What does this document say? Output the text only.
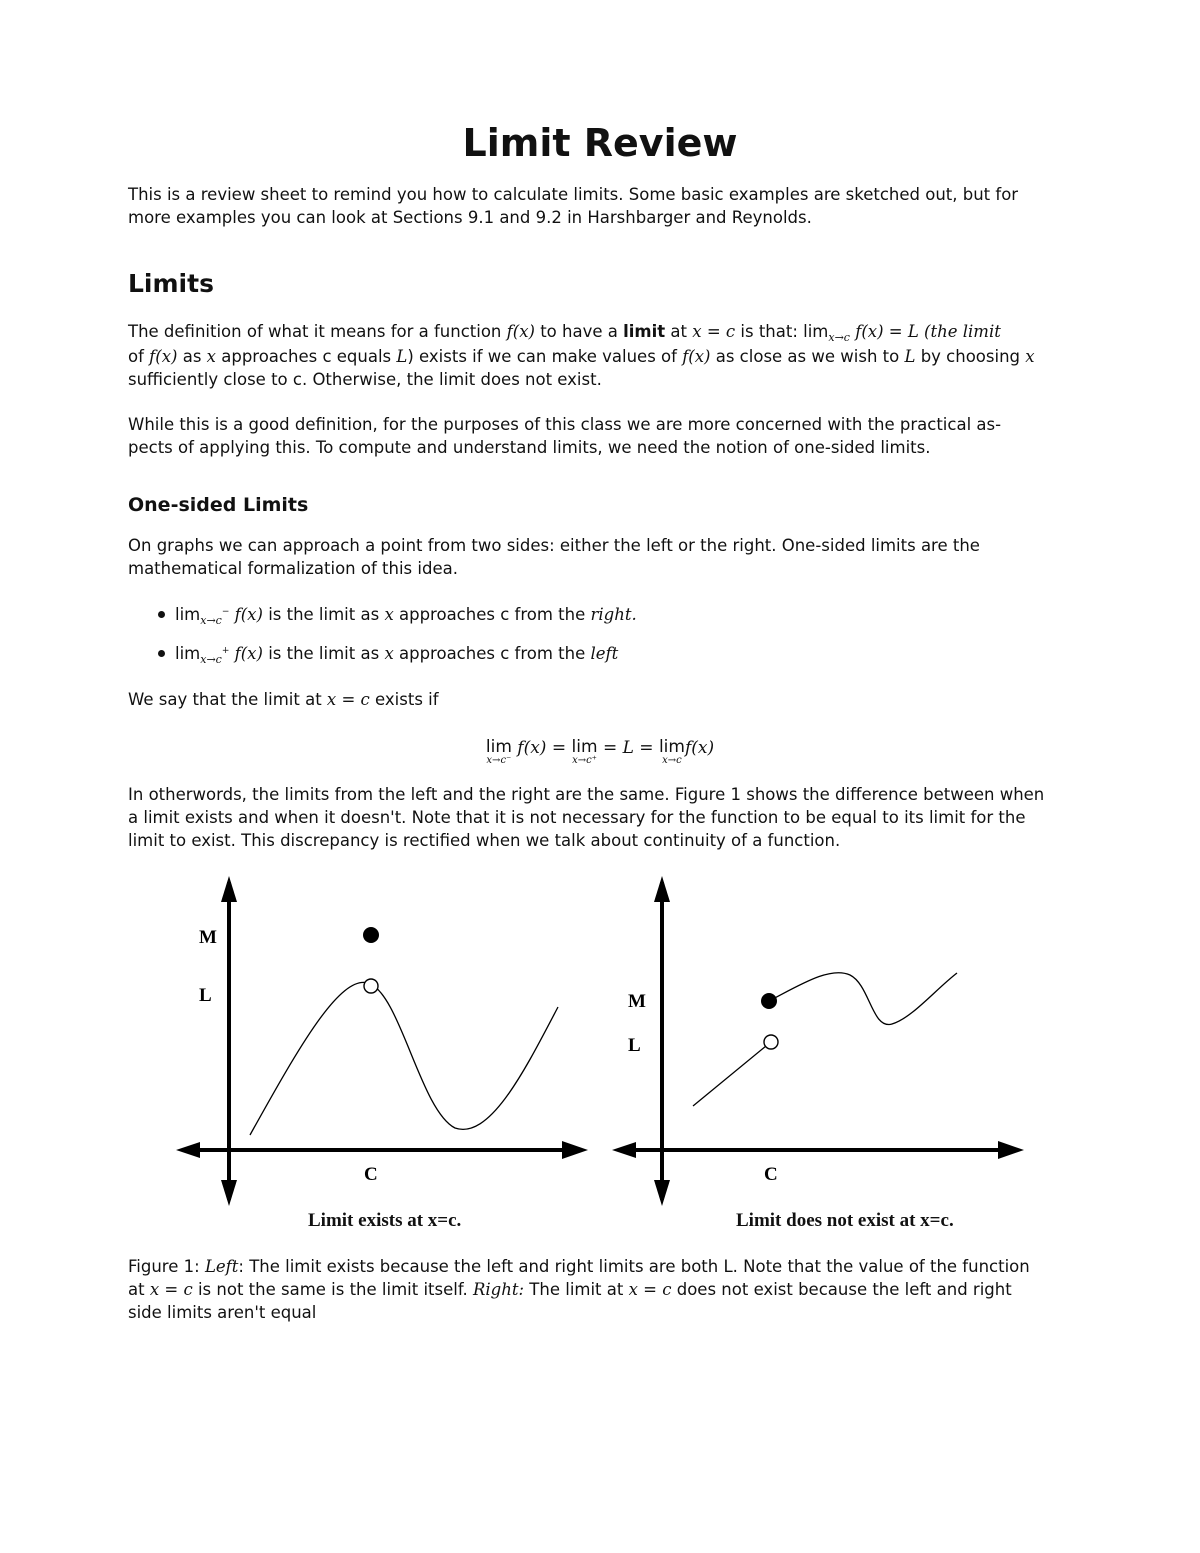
Limit Review
This is a review sheet to remind you how to calculate limits. Some basic examples are sketched out, but for
more examples you can look at Sections 9.1 and 9.2 in Harshbarger and Reynolds.
Limits
The definition of what it means for a function f(x) to have a limit at x = c is that: $\lim_{x\to c} f(x) = L$ (the limit
of f(x) as x approaches c equals L) exists if we can make values of f(x) as close as we wish to L by choosing x
sufficiently close to c. Otherwise, the limit does not exist.
While this is a good definition, for the purposes of this class we are more concerned with the practical as-
pects of applying this. To compute and understand limits, we need the notion of one-sided limits.
One-sided Limits
On graphs we can approach a point from two sides: either the left or the right. One-sided limits are the
mathematical formalization of this idea.
$\lim_{x\to c}^- f(x)$ is the limit as x approaches c from the right.
$\lim_{x\to c}^+ f(x)$ is the limit as x approaches c from the left
We say that the limit at x = c exists if
lim
x→c⁻
f(x) = lim
x→c⁺
= L = lim
x→c
f(x)
In otherwords, the limits from the left and the right are the same. Figure 1 shows the difference between when
a limit exists and when it doesn't. Note that it is not necessary for the function to be equal to its limit for the
limit to exist. This discrepancy is rectified when we talk about continuity of a function.
M
L
C
M
L
C
Limit exists at x=c.	Limit does not exist at x=c.
Figure 1: Left: The limit exists because the left and right limits are both L. Note that the value of the function
at x = c is not the same is the limit itself. Right: The limit at x = c does not exist because the left and right
side limits aren't equal
